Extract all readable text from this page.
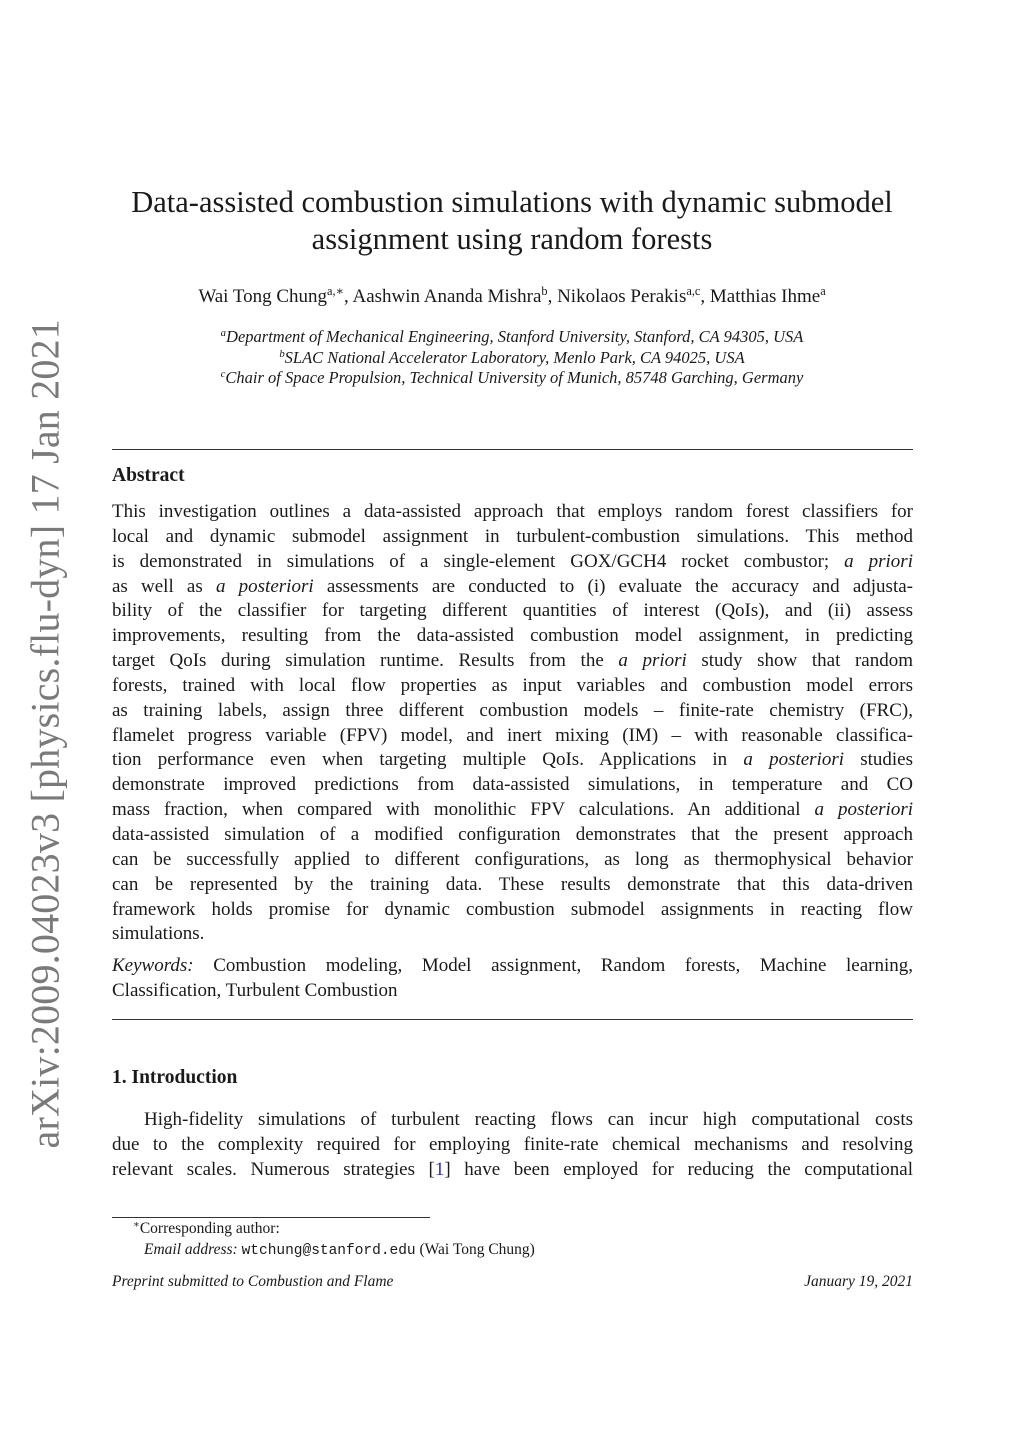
arXiv:2009.04023v3 [physics.flu-dyn] 17 Jan 2021
Data-assisted combustion simulations with dynamic submodel
assignment using random forests
Wai Tong Chung$^{a,∗}$, Aashwin Ananda Mishra$^b$, Nikolaos Perakis$^{a,c}$, Matthias Ihme$^a$
$^a$Department of Mechanical Engineering, Stanford University, Stanford, CA 94305, USA
$^b$SLAC National Accelerator Laboratory, Menlo Park, CA 94025, USA
$^c$Chair of Space Propulsion, Technical University of Munich, 85748 Garching, Germany
Abstract
This investigation outlines a data-assisted approach that employs random forest classifiers for
local and dynamic submodel assignment in turbulent-combustion simulations. This method
is demonstrated in simulations of a single-element GOX/GCH4 rocket combustor; a priori
as well as a posteriori assessments are conducted to (i) evaluate the accuracy and adjusta-
bility of the classifier for targeting different quantities of interest (QoIs), and (ii) assess
improvements, resulting from the data-assisted combustion model assignment, in predicting
target QoIs during simulation runtime. Results from the a priori study show that random
forests, trained with local flow properties as input variables and combustion model errors
as training labels, assign three different combustion models – finite-rate chemistry (FRC),
flamelet progress variable (FPV) model, and inert mixing (IM) – with reasonable classifica-
tion performance even when targeting multiple QoIs. Applications in a posteriori studies
demonstrate improved predictions from data-assisted simulations, in temperature and CO
mass fraction, when compared with monolithic FPV calculations. An additional a posteriori
data-assisted simulation of a modified configuration demonstrates that the present approach
can be successfully applied to different configurations, as long as thermophysical behavior
can be represented by the training data. These results demonstrate that this data-driven
framework holds promise for dynamic combustion submodel assignments in reacting flow
simulations.
Keywords: Combustion modeling, Model assignment, Random forests, Machine learning,
Classification, Turbulent Combustion
1. Introduction
High-fidelity simulations of turbulent reacting flows can incur high computational costs
due to the complexity required for employing finite-rate chemical mechanisms and resolving
relevant scales. Numerous strategies [1] have been employed for reducing the computational
∗Corresponding author:
Email address: wtchung@stanford.edu (Wai Tong Chung)
Preprint submitted to Combustion and Flame	January 19, 2021
